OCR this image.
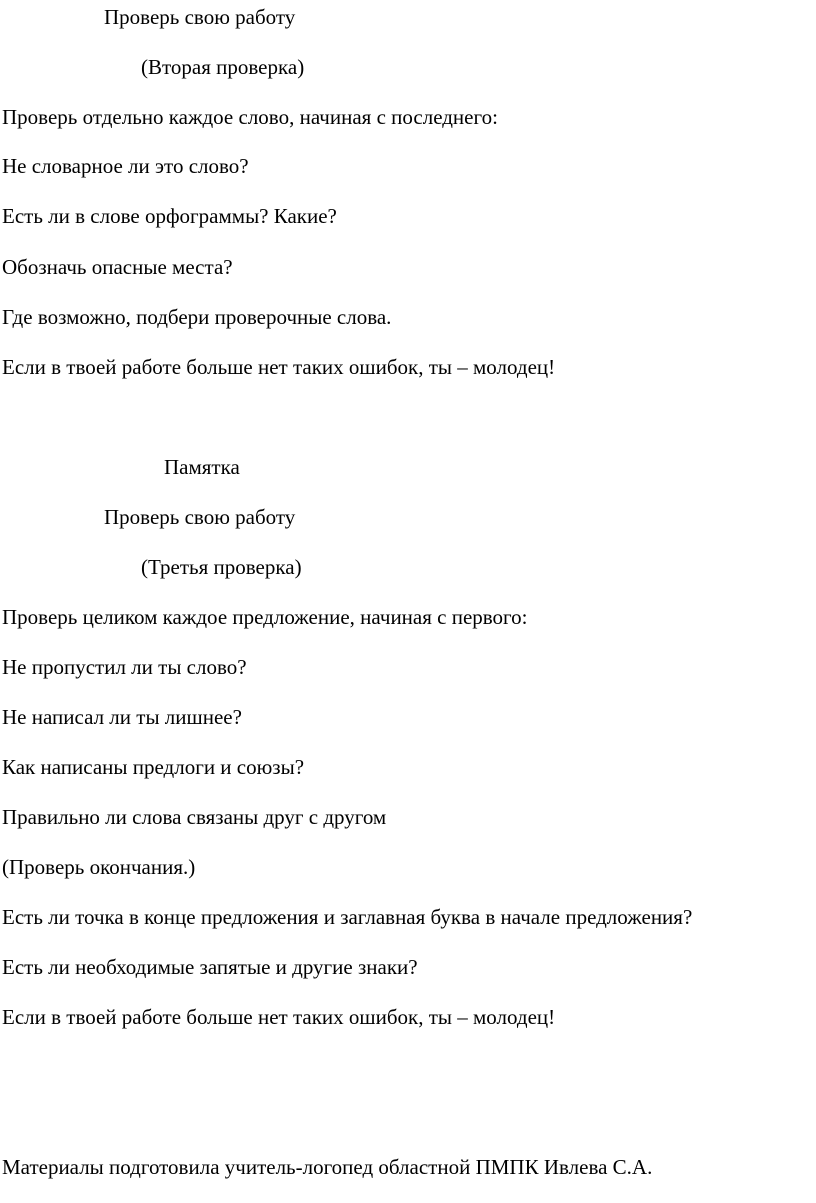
Проверь свою работу
(Вторая проверка)
Проверь отдельно каждое слово, начиная с последнего:
Не словарное ли это слово?
Есть ли в слове орфограммы? Какие?
Обозначь опасные места?
Где возможно, подбери проверочные слова.
Если в твоей работе больше нет таких ошибок, ты – молодец!
Памятка
Проверь свою работу
(Третья проверка)
Проверь целиком каждое предложение, начиная с первого:
Не пропустил ли ты слово?
Не написал ли ты лишнее?
Как написаны предлоги и союзы?
Правильно ли слова связаны друг с другом
(Проверь окончания.)
Есть ли точка в конце предложения и заглавная буква в начале предложения?
Есть ли необходимые запятые и другие знаки?
Если в твоей работе больше нет таких ошибок, ты – молодец!
Материалы подготовила учитель-логопед областной ПМПК Ивлева С.А.
